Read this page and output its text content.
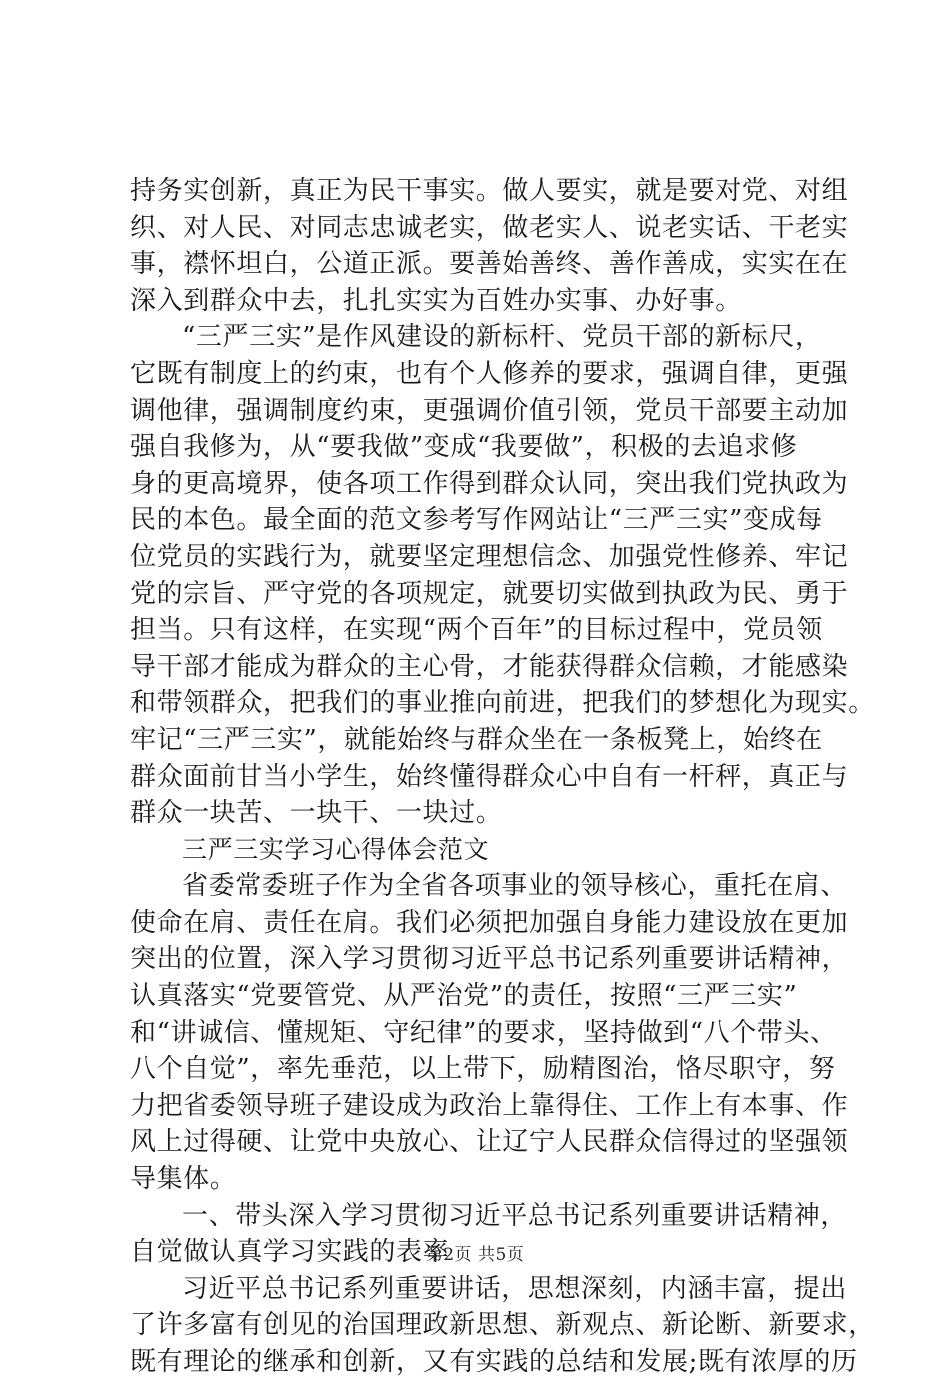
持务实创新，真正为民干事实。做人要实，就是要对党、对组
织、对人民、对同志忠诚老实，做老实人、说老实话、干老实
事，襟怀坦白，公道正派。要善始善终、善作善成，实实在在
深入到群众中去，扎扎实实为百姓办实事、办好事。
“三严三实”是作风建设的新标杆、党员干部的新标尺，
它既有制度上的约束，也有个人修养的要求，强调自律，更强
调他律，强调制度约束，更强调价值引领，党员干部要主动加
强自我修为，从“要我做”变成“我要做”，积极的去追求修
身的更高境界，使各项工作得到群众认同，突出我们党执政为
民的本色。最全面的范文参考写作网站让“三严三实”变成每
位党员的实践行为，就要坚定理想信念、加强党性修养、牢记
党的宗旨、严守党的各项规定，就要切实做到执政为民、勇于
担当。只有这样，在实现“两个百年”的目标过程中，党员领
导干部才能成为群众的主心骨，才能获得群众信赖，才能感染
和带领群众，把我们的事业推向前进，把我们的梦想化为现实。
牢记“三严三实”，就能始终与群众坐在一条板凳上，始终在
群众面前甘当小学生，始终懂得群众心中自有一杆秤，真正与
群众一块苦、一块干、一块过。
三严三实学习心得体会范文
省委常委班子作为全省各项事业的领导核心，重托在肩、
使命在肩、责任在肩。我们必须把加强自身能力建设放在更加
突出的位置，深入学习贯彻习近平总书记系列重要讲话精神，
认真落实“党要管党、从严治党”的责任，按照“三严三实”
和“讲诚信、懂规矩、守纪律”的要求，坚持做到“八个带头、
八个自觉”，率先垂范，以上带下，励精图治，恪尽职守，努
力把省委领导班子建设成为政治上靠得住、工作上有本事、作
风上过得硬、让党中央放心、让辽宁人民群众信得过的坚强领
导集体。
一、带头深入学习贯彻习近平总书记系列重要讲话精神，
自觉做认真学习实践的表率
习近平总书记系列重要讲话，思想深刻，内涵丰富，提出
了许多富有创见的治国理政新思想、新观点、新论断、新要求，
既有理论的继承和创新，又有实践的总结和发展;既有浓厚的历
第2页 共5页
